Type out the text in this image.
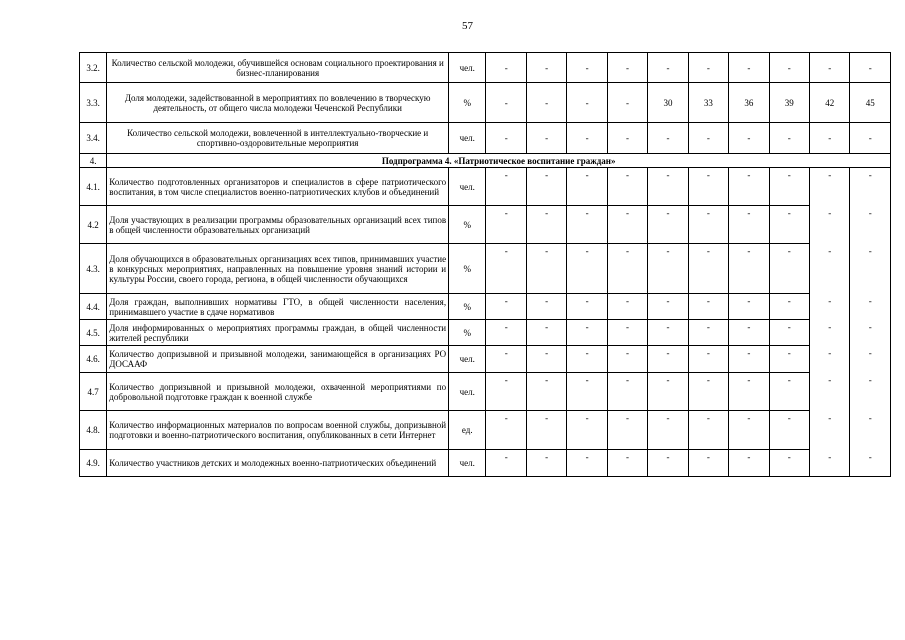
57
3.2.	Количество сельской молодежи, обучившейся основам социального проектирования и бизнес-планирования	чел.	-	-	-	-	-	-	-	-	-	-
3.3.	Доля молодежи, задействованной в мероприятиях по вовлечению в творческую деятельность, от общего числа молодежи Чеченской Республики	%	-	-	-	-	30	33	36	39	42	45
3.4.	Количество сельской молодежи, вовлеченной в интеллектуально-творческие и спортивно-оздоровительные мероприятия	чел.	-	-	-	-	-	-	-	-	-	-
4.	Подпрограмма 4. «Патриотическое воспитание граждан»											
4.1.	Количество подготовленных организаторов и специалистов в сфере патриотического воспитания, в том числе специалистов военно-патриотических клубов и объединений	чел.	-	-	-	-	-	-	-	-	-	-
4.2	Доля участвующих в реализации программы образовательных организаций всех типов в общей численности образовательных организаций	%	-	-	-	-	-	-	-	-	-	-
4.3.	Доля обучающихся в образовательных организациях всех типов, принимавших участие в конкурсных мероприятиях, направленных на повышение уровня знаний истории и культуры России, своего города, региона, в общей численности обучающихся	%	-	-	-	-	-	-	-	-	-	-
4.4.	Доля граждан, выполнивших нормативы ГТО, в общей численности населения, принимавшего участие в сдаче нормативов	%	-	-	-	-	-	-	-	-	-	-
4.5.	Доля информированных о мероприятиях программы граждан, в общей численности жителей республики	%	-	-	-	-	-	-	-	-	-	-
4.6.	Количество допризывной и призывной молодежи, занимающейся в организациях РО ДОСААФ	чел.	-	-	-	-	-	-	-	-	-	-
4.7	Количество допризывной и призывной молодежи, охваченной мероприятиями по добровольной подготовке граждан к военной службе	чел.	-	-	-	-	-	-	-	-	-	-
4.8.	Количество информационных материалов по вопросам военной службы, допризывной подготовки и военно-патриотического воспитания, опубликованных в сети Интернет	ед.	-	-	-	-	-	-	-	-	-	-
4.9.	Количество участников детских и молодежных военно-патриотических объединений	чел.	-	-	-	-	-	-	-	-	-	-
